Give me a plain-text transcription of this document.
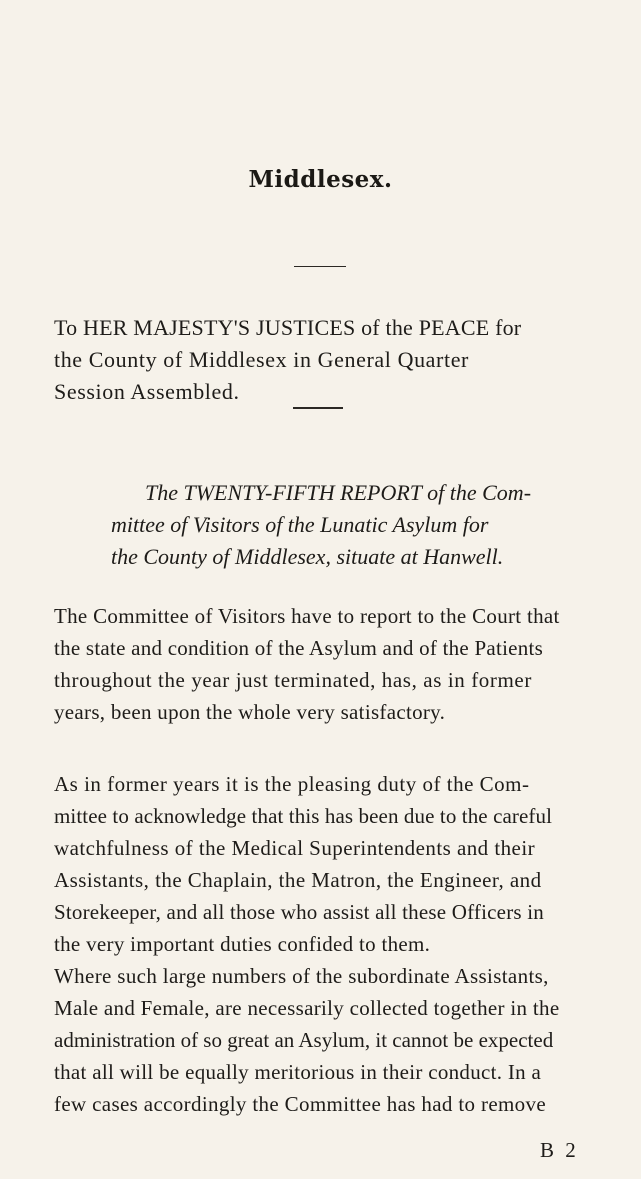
Middlesex.
To HER MAJESTY'S JUSTICES of the PEACE for
the County of Middlesex in General Quarter
Session Assembled.
The TWENTY-FIFTH REPORT of the Com-
mittee of Visitors of the Lunatic Asylum for
the County of Middlesex, situate at Hanwell.
The Committee of Visitors have to report to the Court that
the state and condition of the Asylum and of the Patients
throughout the year just terminated, has, as in former
years, been upon the whole very satisfactory.
As in former years it is the pleasing duty of the Com-
mittee to acknowledge that this has been due to the careful
watchfulness of the Medical Superintendents and their
Assistants, the Chaplain, the Matron, the Engineer, and
Storekeeper, and all those who assist all these Officers in
the very important duties confided to them.
Where such large numbers of the subordinate Assistants,
Male and Female, are necessarily collected together in the
administration of so great an Asylum, it cannot be expected
that all will be equally meritorious in their conduct. In a
few cases accordingly the Committee has had to remove
B 2
